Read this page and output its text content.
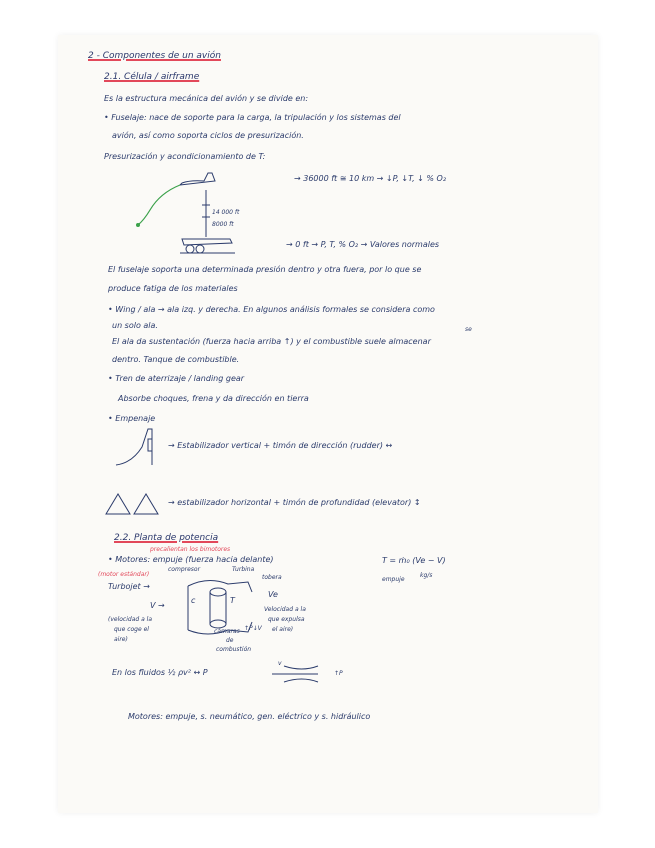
2 - Componentes de un avión
2.1. Célula / airframe
Es la estructura mecánica del avión y se divide en:
• Fuselaje: nace de soporte para la carga, la tripulación y los sistemas del
avión, así como soporta ciclos de presurización.
Presurización y acondicionamiento de T:
→ 36000 ft ≅ 10 km → ↓P, ↓T, ↓ % O₂
14 000 ft
8000 ft
→ 0 ft → P, T, % O₂ → Valores normales
El fuselaje soporta una determinada presión dentro y otra fuera, por lo que se
produce fatiga de los materiales
• Wing / ala → ala izq. y derecha. En algunos análisis formales se considera como
un solo ala.	se
El ala da sustentación (fuerza hacia arriba ↑) y el combustible suele almacenar
dentro. Tanque de combustible.
• Tren de aterrizaje / landing gear
Absorbe choques, frena y da dirección en tierra
• Empenaje
→ Estabilizador vertical + timón de dirección (rudder) ↔
→ estabilizador horizontal + timón de profundidad (elevator) ↕
2.2. Planta de potencia
precalientan los bimotores
• Motores: empuje (fuerza hacia delante)	T = ṁ₀ (Ve − V)
empuje
kg/s
compresor	Turbina
tobera
(motor estándar)
Turbojet →
c	T
V →
Ve
(velocidad a la
que coge el
aire)
cámaras
de
combustión
↑P↓V
Velocidad a la
que expulsa
el aire)
En los fluidos ½ ρv² ↔ P
v
↑P
Motores: empuje, s. neumático, gen. eléctrico y s. hidráulico
